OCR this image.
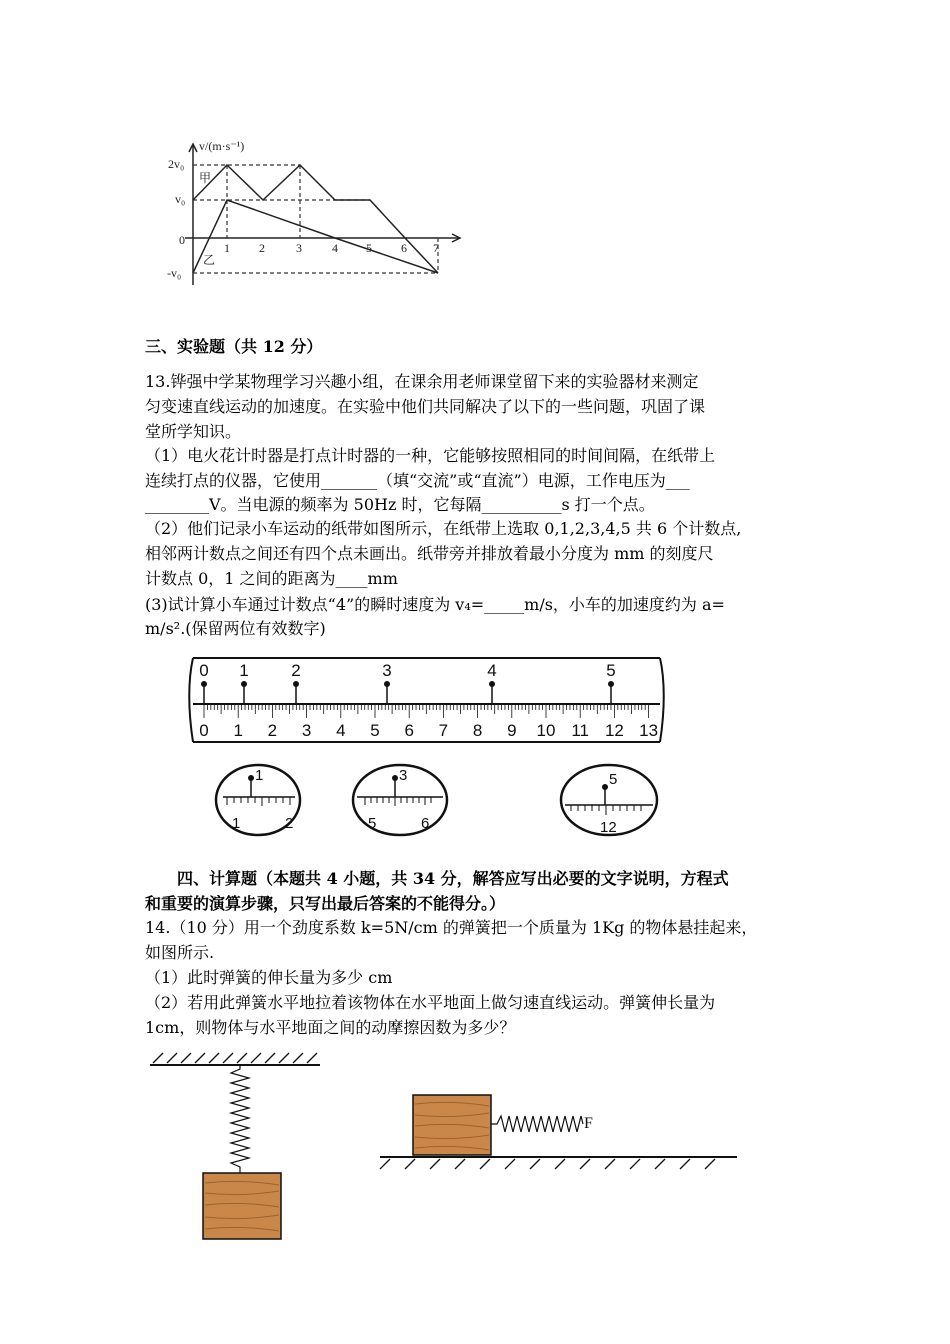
v/(m·s⁻¹)
2v₀
v₀
0
-v₀
1 2	3	4 5 6 7
甲
乙
三、实验题（共 12 分）
13.铧强中学某物理学习兴趣小组，在课余用老师课堂留下来的实验器材来测定
匀变速直线运动的加速度。在实验中他们共同解决了以下的一些问题，巩固了课
堂所学知识。
（1）电火花计时器是打点计时器的一种，它能够按照相同的时间间隔，在纸带上
连续打点的仪器，它使用_______（填“交流”或“直流”）电源，工作电压为___
________V。当电源的频率为 50Hz 时，它每隔__________s 打一个点。
（2）他们记录小车运动的纸带如图所示，在纸带上选取 0,1,2,3,4,5 共 6 个计数点,
相邻两计数点之间还有四个点未画出。纸带旁并排放着最小分度为 mm 的刻度尺
计数点 0，1 之间的距离为____mm
(3)试计算小车通过计数点“4”的瞬时速度为 v₄=_____m/s，小车的加速度约为 a=
m/s².(保留两位有效数字)
0 1 2 3 4 5 6 7 8 9 10 11 12 13
0 1	2	3	4	5
1
1	2
3
5	6
5
12
四、计算题（本题共 4 小题，共 34 分，解答应写出必要的文字说明，方程式
和重要的演算步骤，只写出最后答案的不能得分。）
14.（10 分）用一个劲度系数 k=5N/cm 的弹簧把一个质量为 1Kg 的物体悬挂起来，
如图所示.
（1）此时弹簧的伸长量为多少 cm
（2）若用此弹簧水平地拉着该物体在水平地面上做匀速直线运动。弹簧伸长量为
1cm，则物体与水平地面之间的动摩擦因数为多少？
F
